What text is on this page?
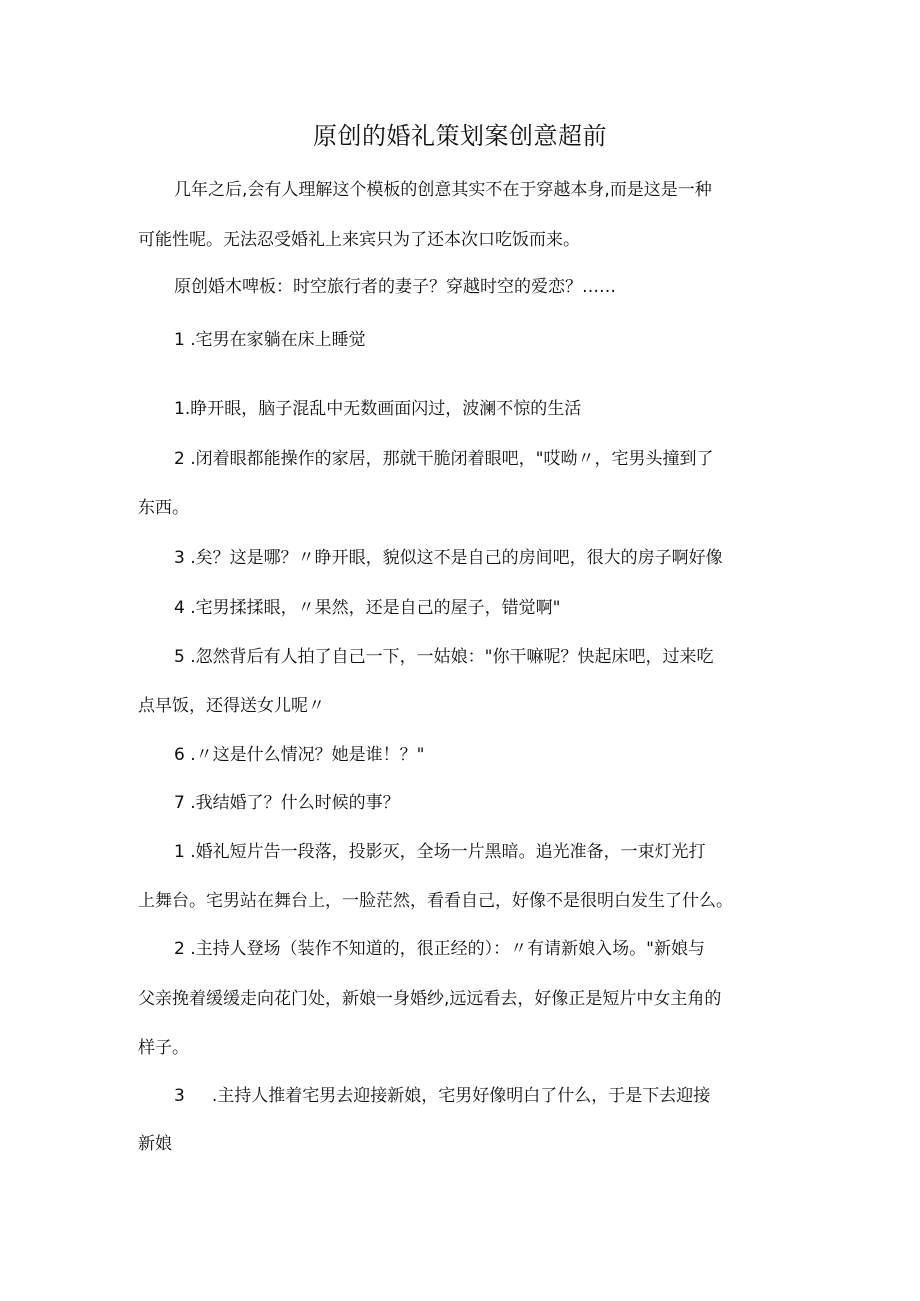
原创的婚礼策划案创意超前

几年之后,会有人理解这个模板的创意其实不在于穿越本身,而是这是一种

可能性呢。无法忍受婚礼上来宾只为了还本次口吃饭而来。

原创婚木啤板：时空旅行者的妻子？穿越时空的爱恋？……

1 .宅男在家躺在床上睡觉

1.睁开眼，脑子混乱中无数画面闪过，波澜不惊的生活

2 .闭着眼都能操作的家居，那就干脆闭着眼吧，"哎呦〃，宅男头撞到了

东西。

3 .矣？这是哪？〃睁开眼，貌似这不是自己的房间吧，很大的房子啊好像

4 .宅男揉揉眼，〃果然，还是自己的屋子，错觉啊"

5 .忽然背后有人拍了自己一下，一姑娘："你干嘛呢？快起床吧，过来吃

点早饭，还得送女儿呢〃

6 .〃这是什么情况？她是谁！？"

7 .我结婚了？什么时候的事？

1 .婚礼短片告一段落，投影灭，全场一片黑暗。追光准备，一束灯光打

上舞台。宅男站在舞台上，一脸茫然，看看自己，好像不是很明白发生了什么。

2 .主持人登场（装作不知道的，很正经的）：〃有请新娘入场。"新娘与

父亲挽着缓缓走向花门处，新娘一身婚纱,远远看去，好像正是短片中女主角的

样子。

3     .主持人推着宅男去迎接新娘，宅男好像明白了什么，于是下去迎接

新娘
